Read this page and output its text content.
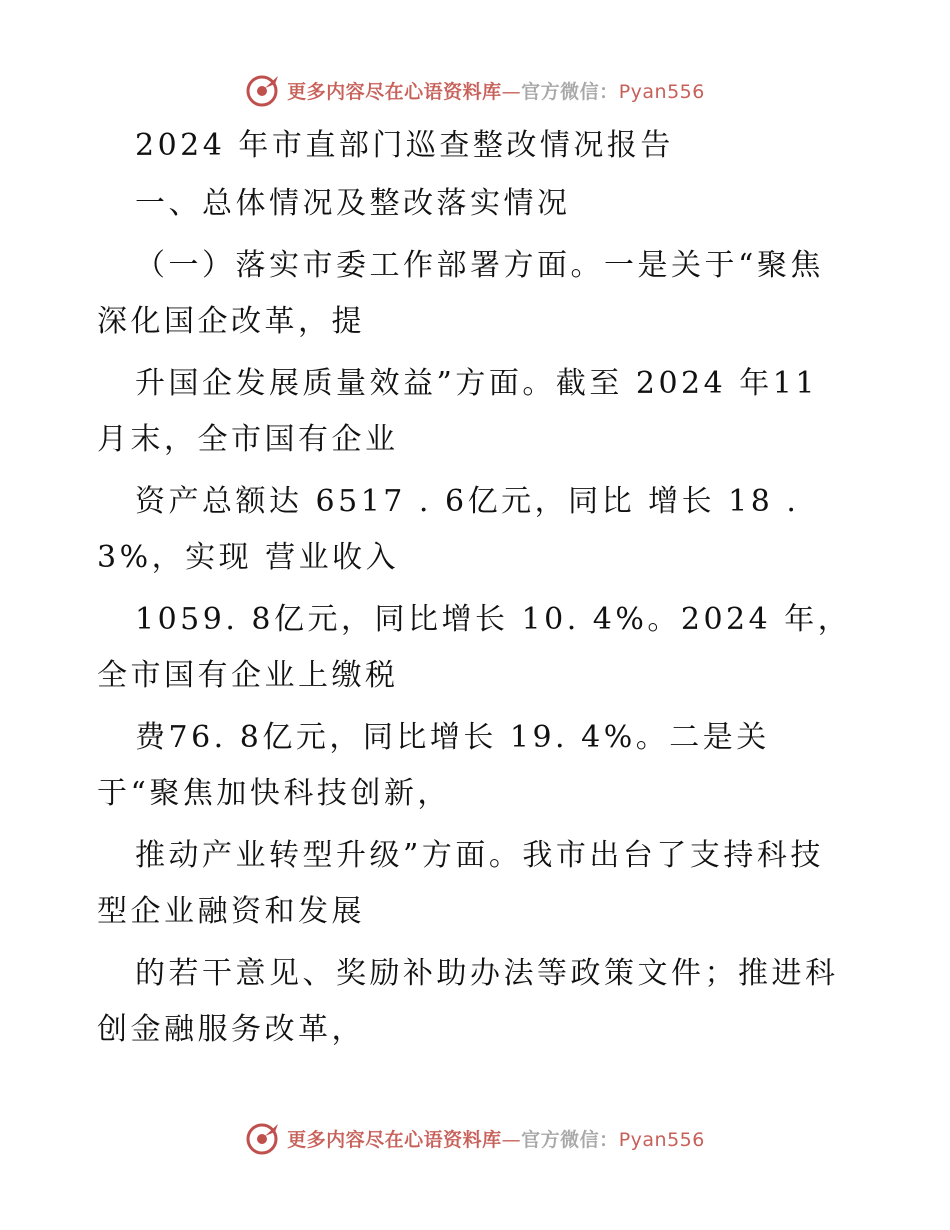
更多内容尽在心语资料库—官方微信：Pyan556
2024 年市直部门巡查整改情况报告
一、总体情况及整改落实情况
（一）落实市委工作部署方面。一是关于“聚焦
深化国企改革，提
升国企发展质量效益”方面。截至 2024 年11
月末，全市国有企业
资产总额达 6517 . 6亿元，同比 增长 18 .
3%，实现 营业收入
1059. 8亿元，同比增长 10. 4%。2024 年，
全市国有企业上缴税
费76. 8亿元，同比增长 19. 4%。二是关
于“聚焦加快科技创新，
推动产业转型升级”方面。我市出台了支持科技
型企业融资和发展
的若干意见、奖励补助办法等政策文件；推进科
创金融服务改革，
更多内容尽在心语资料库—官方微信：Pyan556
